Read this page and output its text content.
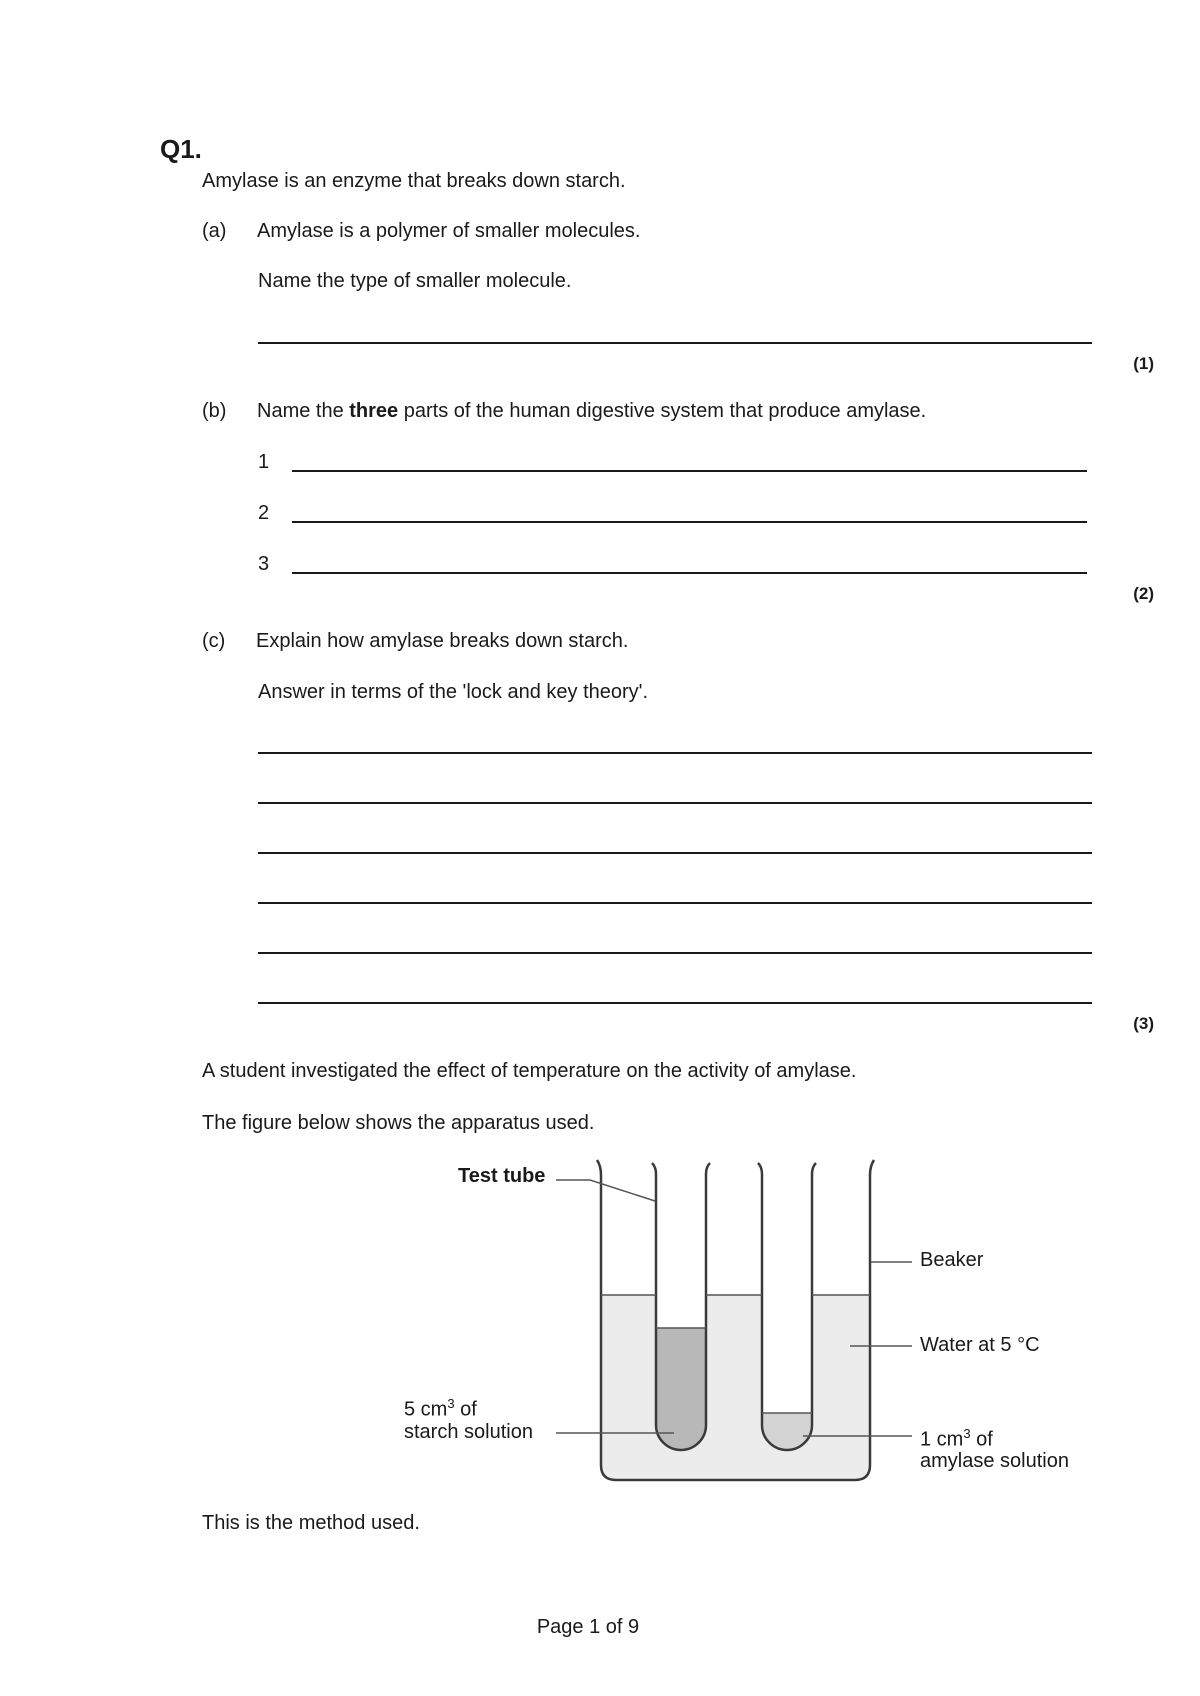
Q1.
Amylase is an enzyme that breaks down starch.
(a) Amylase is a polymer of smaller molecules.
Name the type of smaller molecule.
(1)
(b) Name the three parts of the human digestive system that produce amylase.
1
2
3
(2)
(c) Explain how amylase breaks down starch.
Answer in terms of the 'lock and key theory'.
(3)
A student investigated the effect of temperature on the activity of amylase.
The figure below shows the apparatus used.
Test tube
Beaker
Water at 5 °C
5 $cm^3$ of
starch solution	1 $cm^3$ of
amylase solution
This is the method used.
Page 1 of 9
